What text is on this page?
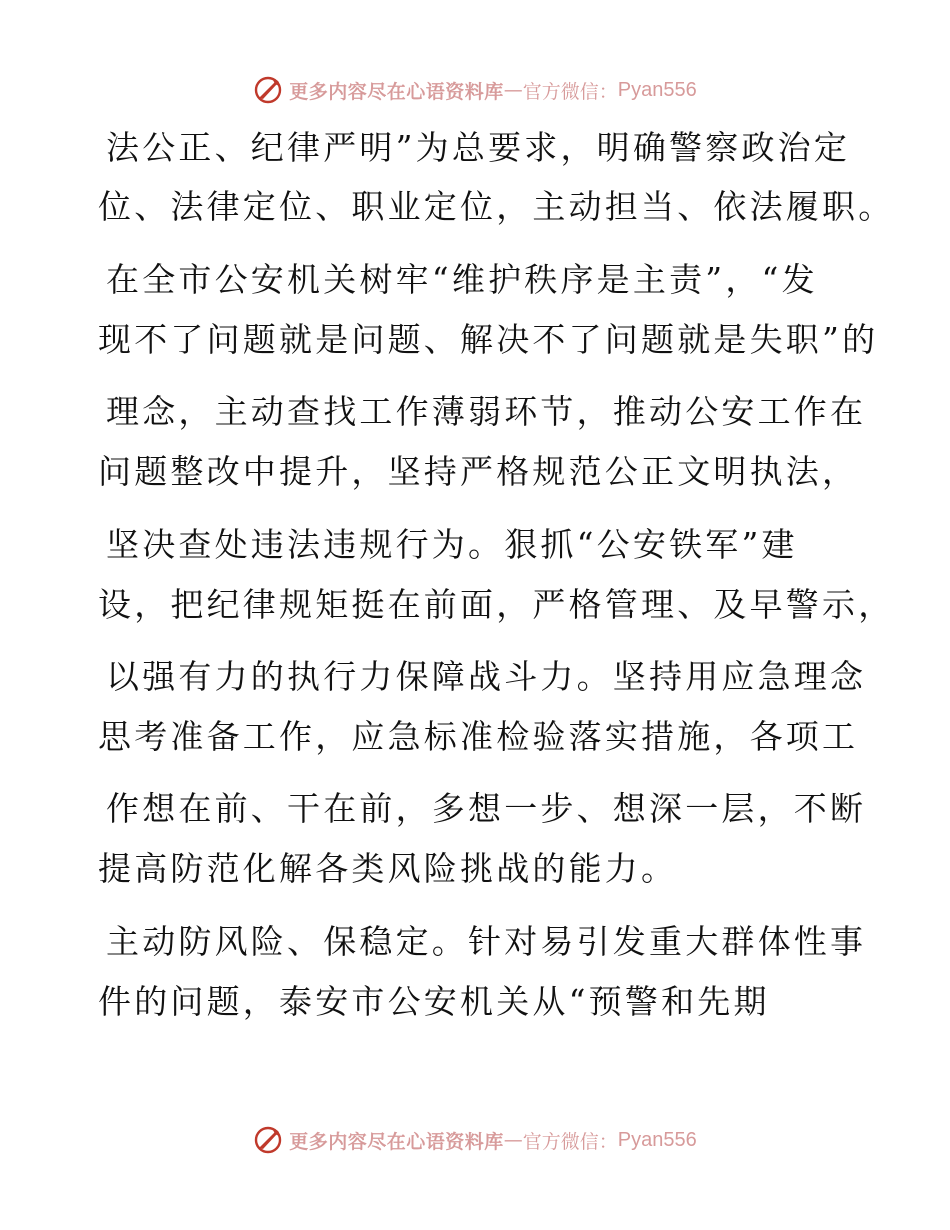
更多内容尽在心语资料库 — 官方微信： Pyan556
法公正、纪律严明”为总要求，明确警察政治定
位、法律定位、职业定位，主动担当、依法履职。
在全市公安机关树牢“维护秩序是主责”，“发
现不了问题就是问题、解决不了问题就是失职”的
理念，主动查找工作薄弱环节，推动公安工作在
问题整改中提升，坚持严格规范公正文明执法，
坚决查处违法违规行为。狠抓“公安铁军”建
设，把纪律规矩挺在前面，严格管理、及早警示，
以强有力的执行力保障战斗力。坚持用应急理念
思考准备工作，应急标准检验落实措施，各项工
作想在前、干在前，多想一步、想深一层，不断
提高防范化解各类风险挑战的能力。
主动防风险、保稳定。针对易引发重大群体性事
件的问题，泰安市公安机关从“预警和先期
更多内容尽在心语资料库 — 官方微信： Pyan556
